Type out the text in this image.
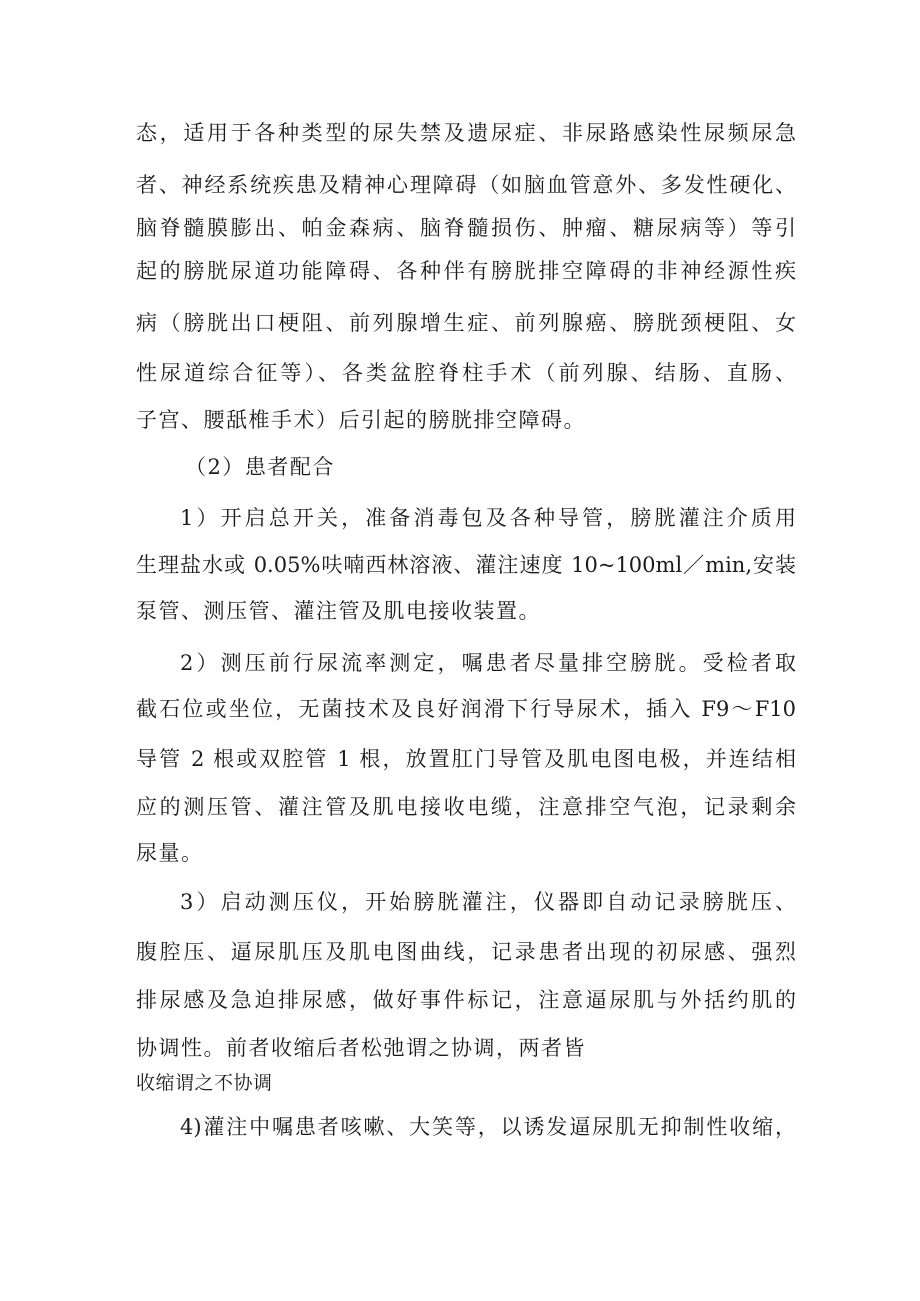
态，适用于各种类型的尿失禁及遗尿症、非尿路感染性尿频尿急
者、神经系统疾患及精神心理障碍（如脑血管意外、多发性硬化、
脑脊髓膜膨出、帕金森病、脑脊髓损伤、肿瘤、糖尿病等）等引
起的膀胱尿道功能障碍、各种伴有膀胱排空障碍的非神经源性疾
病（膀胱出口梗阻、前列腺增生症、前列腺癌、膀胱颈梗阻、女
性尿道综合征等）、各类盆腔脊柱手术（前列腺、结肠、直肠、
子宫、腰舐椎手术）后引起的膀胱排空障碍。
（2）患者配合
1）开启总开关，准备消毒包及各种导管，膀胱灌注介质用
生理盐水或 0.05%呋喃西林溶液、灌注速度 10~100ml／min,安装
泵管、测压管、灌注管及肌电接收装置。
2）测压前行尿流率测定，嘱患者尽量排空膀胱。受检者取
截石位或坐位，无菌技术及良好润滑下行导尿术，插入 F9～F10
导管 2 根或双腔管 1 根，放置肛门导管及肌电图电极，并连结相
应的测压管、灌注管及肌电接收电缆，注意排空气泡，记录剩余
尿量。
3）启动测压仪，开始膀胱灌注，仪器即自动记录膀胱压、
腹腔压、逼尿肌压及肌电图曲线，记录患者出现的初尿感、强烈
排尿感及急迫排尿感，做好事件标记，注意逼尿肌与外括约肌的
协调性。前者收缩后者松弛谓之协调，两者皆
收缩谓之不协调
4)灌注中嘱患者咳嗽、大笑等，以诱发逼尿肌无抑制性收缩，
